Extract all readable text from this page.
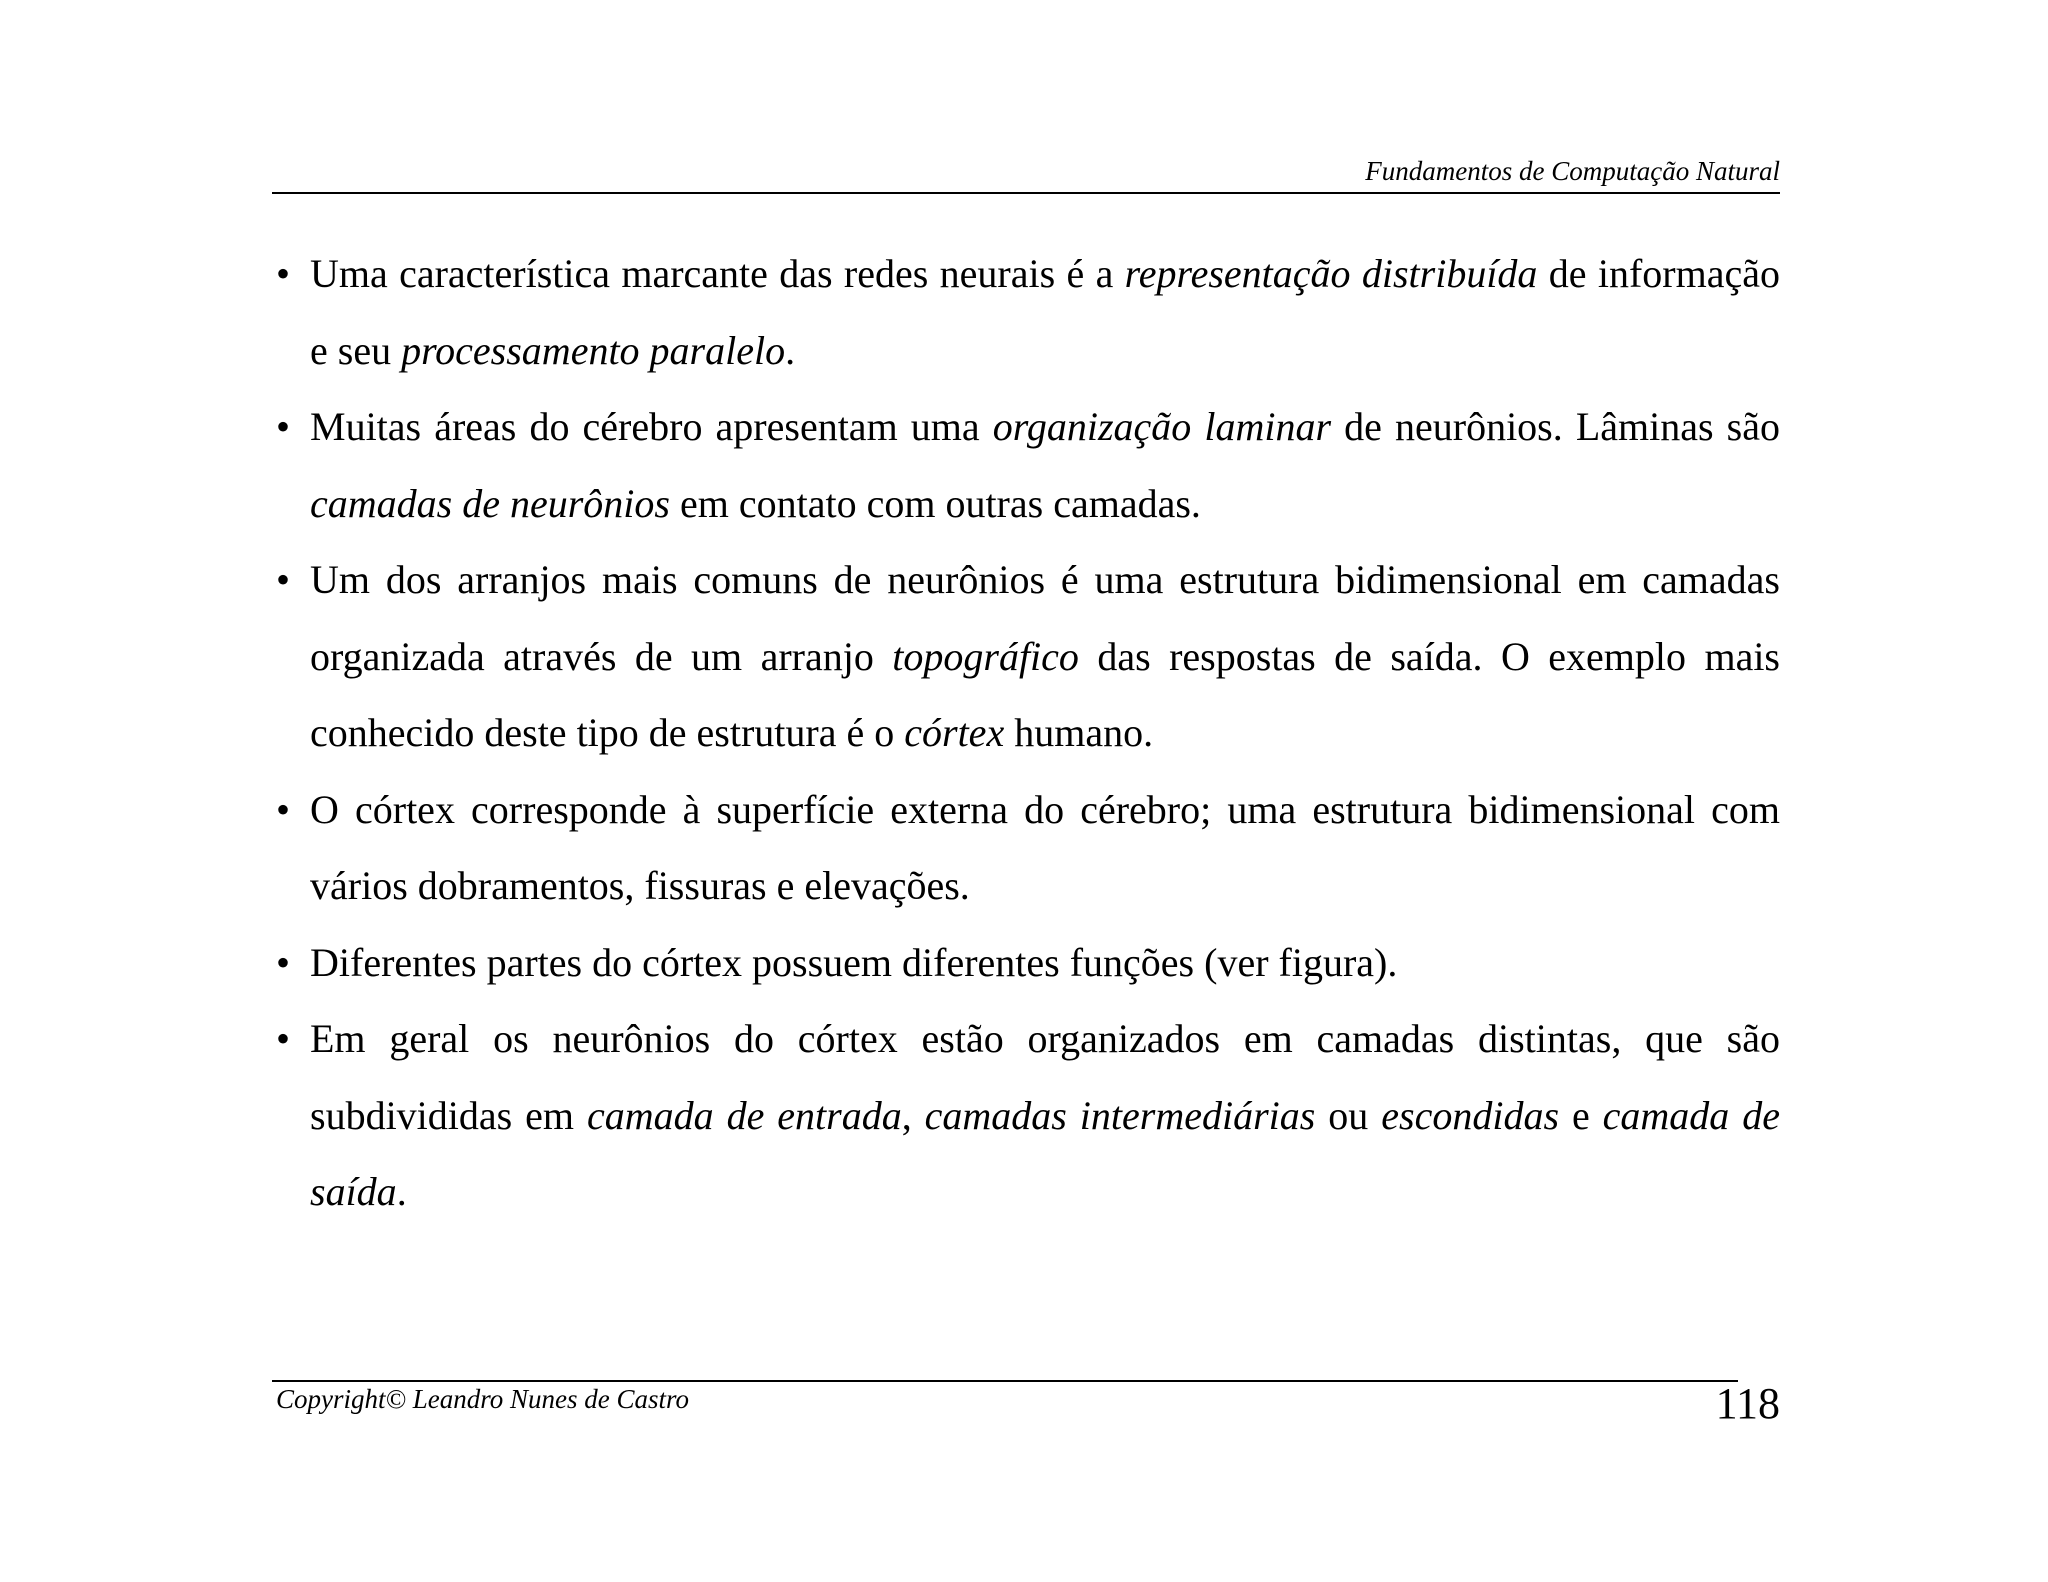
Fundamentos de Computação Natural
• Uma característica marcante das redes neurais é a representação distribuída de informação e seu processamento paralelo.
• Muitas áreas do cérebro apresentam uma organização laminar de neurônios. Lâminas são camadas de neurônios em contato com outras camadas.
• Um dos arranjos mais comuns de neurônios é uma estrutura bidimensional em camadas organizada através de um arranjo topográfico das respostas de saída. O exemplo mais conhecido deste tipo de estrutura é o córtex humano.
• O córtex corresponde à superfície externa do cérebro; uma estrutura bidimensional com vários dobramentos, fissuras e elevações.
• Diferentes partes do córtex possuem diferentes funções (ver figura).
• Em geral os neurônios do córtex estão organizados em camadas distintas, que são subdivididas em camada de entrada, camadas intermediárias ou escondidas e camada de saída.
Copyright© Leandro Nunes de Castro	118
